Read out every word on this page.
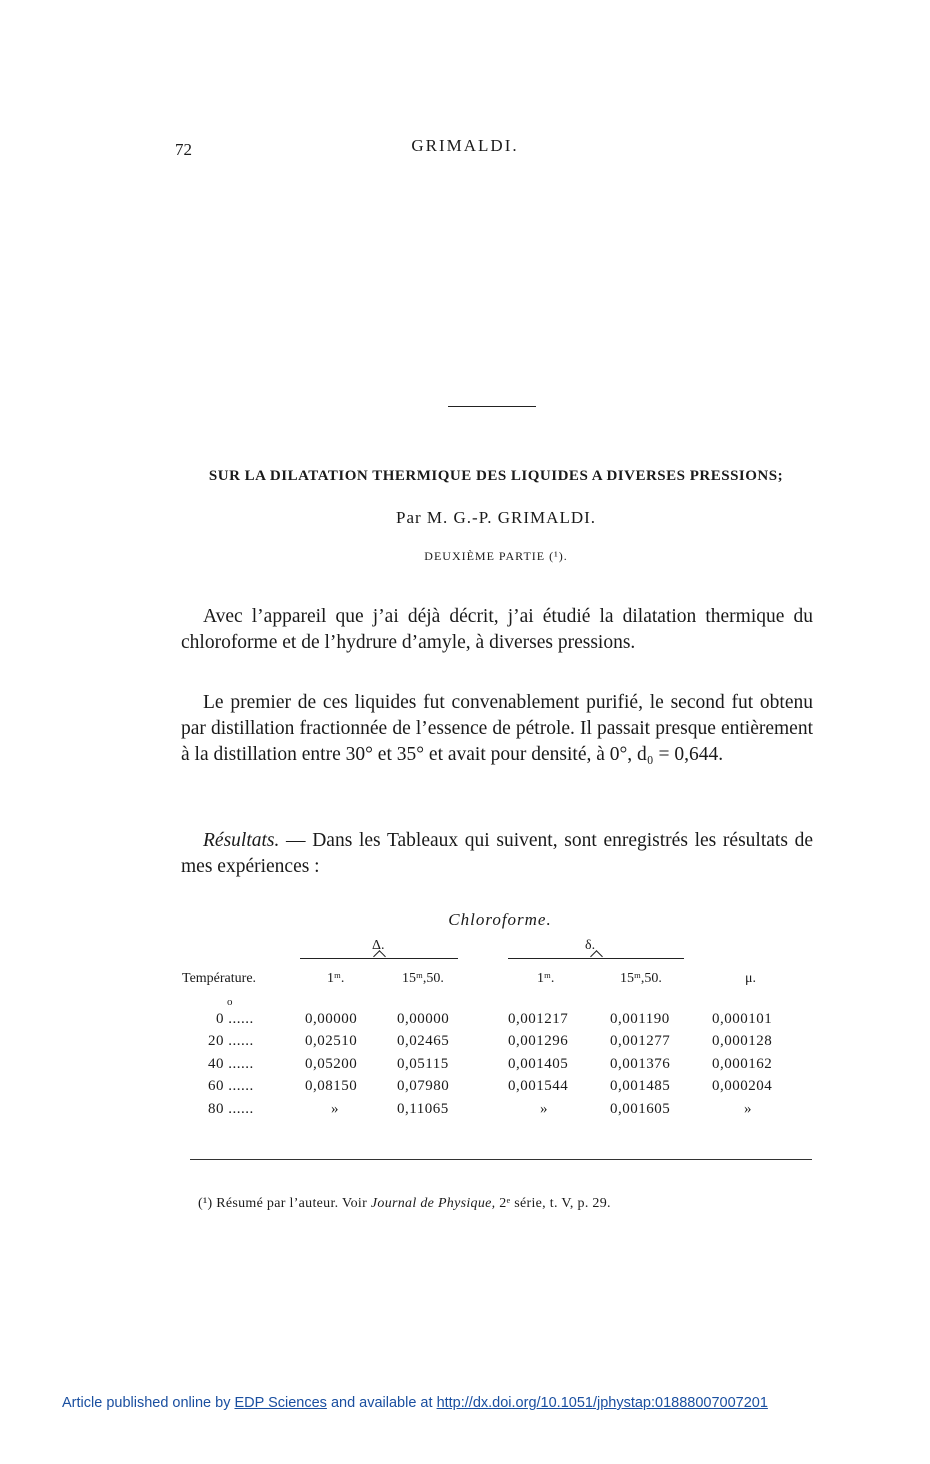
72	GRIMALDI.
SUR LA DILATATION THERMIQUE DES LIQUIDES A DIVERSES PRESSIONS;
Par M. G.-P. GRIMALDI.
DEUXIÈME PARTIE (¹).
Avec l’appareil que j’ai déjà décrit, j’ai étudié la dilatation thermique du chloroforme et de l’hydrure d’amyle, à diverses pressions.
Le premier de ces liquides fut convenablement purifié, le second fut obtenu par distillation fractionnée de l’essence de pétrole. Il passait presque entièrement à la distillation entre 30° et 35° et avait pour densité, à 0°, d₀ = 0,644.
Résultats. — Dans les Tableaux qui suivent, sont enregistrés les résultats de mes expériences :
Chloroforme.
Δ.	δ.
Température.	1ᵐ.	15ᵐ,50.	1ᵐ.	15ᵐ,50.	μ.
o
0 ......	0,00000	0,00000	0,001217	0,001190	0,000101
20 ......	0,02510	0,02465	0,001296	0,001277	0,000128
40 ......	0,05200	0,05115	0,001405	0,001376	0,000162
60 ......	0,08150	0,07980	0,001544	0,001485	0,000204
80 ......	»	0,11065	»	0,001605	»
(¹) Résumé par l’auteur. Voir Journal de Physique, 2ᵉ série, t. V, p. 29.
Article published online by EDP Sciences and available at http://dx.doi.org/10.1051/jphystap:01888007007201
